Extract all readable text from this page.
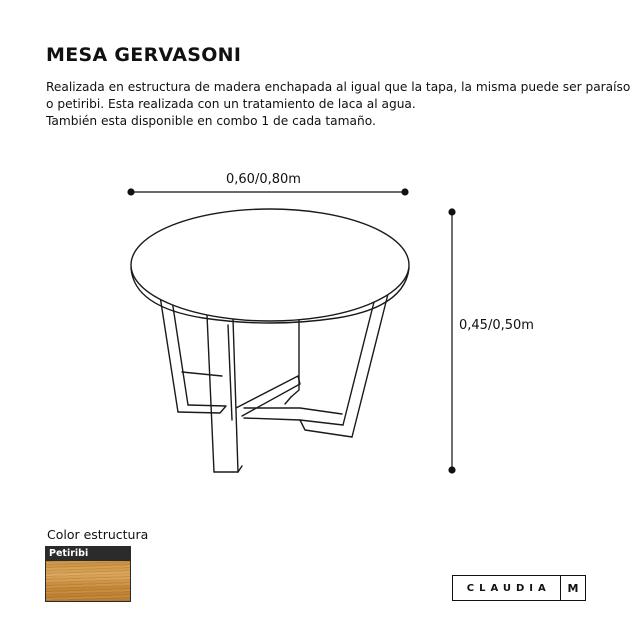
MESA GERVASONI
Realizada en estructura de madera enchapada al igual que la tapa, la misma puede ser paraíso
o petiribi. Esta realizada con un tratamiento de laca al agua.
También esta disponible en combo 1 de cada tamaño.
0,60/0,80m
0,45/0,50m
Color estructura
Petiribi
CLAUDIA	M
